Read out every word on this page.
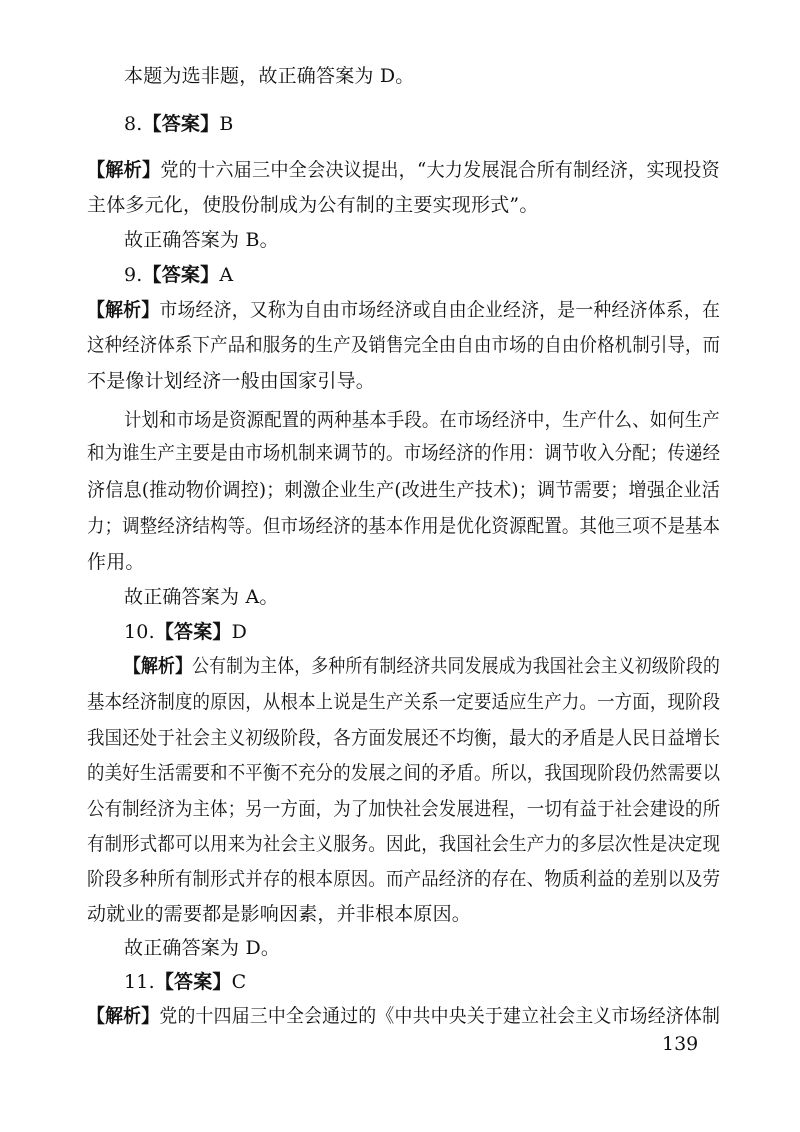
本题为选非题，故正确答案为 D。
8.【答案】B
【解析】党的十六届三中全会决议提出，“大力发展混合所有制经济，实现投资
主体多元化，使股份制成为公有制的主要实现形式”。
故正确答案为 B。
9.【答案】A
【解析】市场经济，又称为自由市场经济或自由企业经济，是一种经济体系，在
这种经济体系下产品和服务的生产及销售完全由自由市场的自由价格机制引导，而
不是像计划经济一般由国家引导。
计划和市场是资源配置的两种基本手段。在市场经济中，生产什么、如何生产
和为谁生产主要是由市场机制来调节的。市场经济的作用：调节收入分配；传递经
济信息(推动物价调控)；刺激企业生产(改进生产技术)；调节需要；增强企业活
力；调整经济结构等。但市场经济的基本作用是优化资源配置。其他三项不是基本
作用。
故正确答案为 A。
10.【答案】D
【解析】公有制为主体，多种所有制经济共同发展成为我国社会主义初级阶段的
基本经济制度的原因，从根本上说是生产关系一定要适应生产力。一方面，现阶段
我国还处于社会主义初级阶段，各方面发展还不均衡，最大的矛盾是人民日益增长
的美好生活需要和不平衡不充分的发展之间的矛盾。所以，我国现阶段仍然需要以
公有制经济为主体；另一方面，为了加快社会发展进程，一切有益于社会建设的所
有制形式都可以用来为社会主义服务。因此，我国社会生产力的多层次性是决定现
阶段多种所有制形式并存的根本原因。而产品经济的存在、物质利益的差别以及劳
动就业的需要都是影响因素，并非根本原因。
故正确答案为 D。
11.【答案】C
【解析】党的十四届三中全会通过的《中共中央关于建立社会主义市场经济体制
139
